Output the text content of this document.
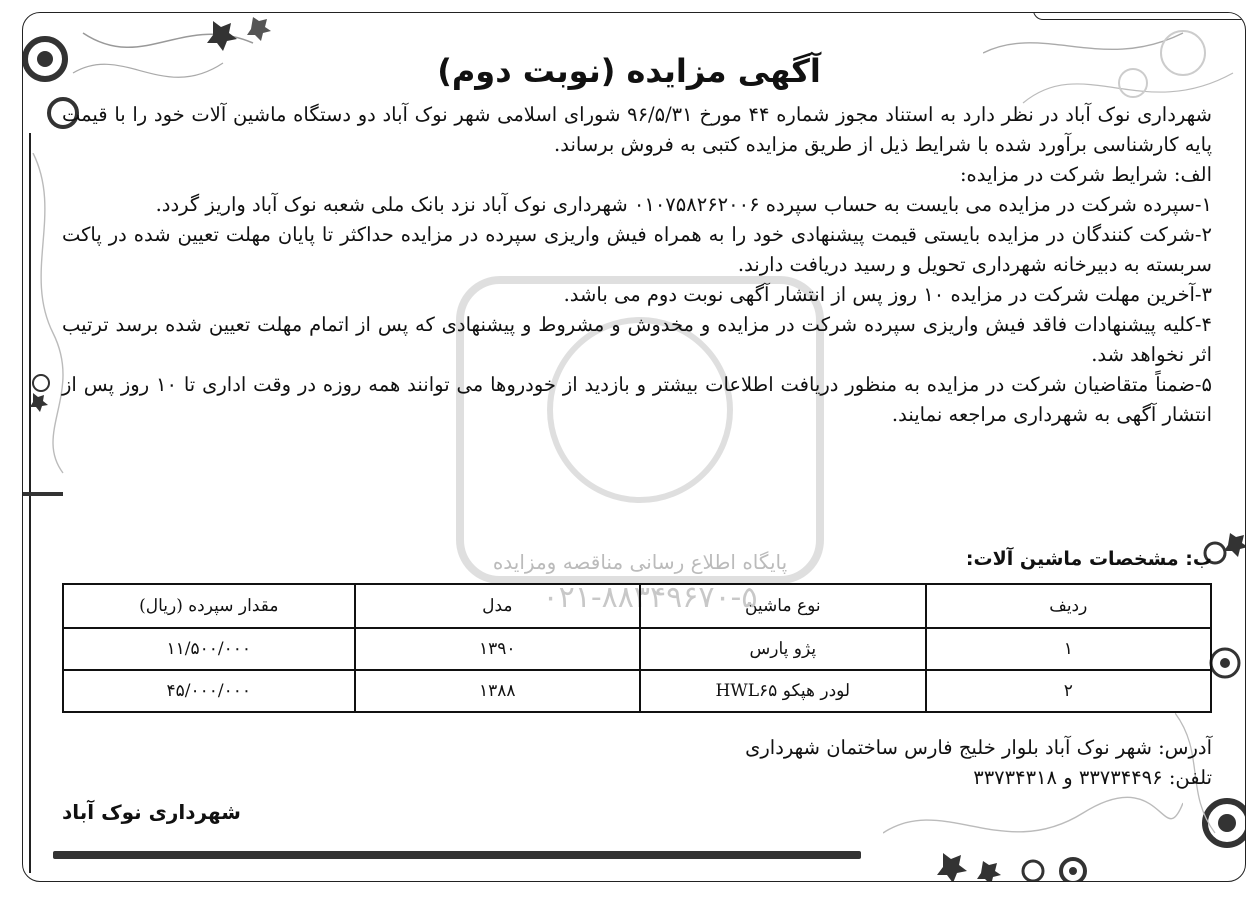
پایگاه اطلاع رسانی مناقصه ومزایده
۰۲۱-۸۸۳۴۹۶۷۰-۵
آگهی مزایده (نوبت دوم)

شهرداری نوک آباد در نظر دارد به استناد مجوز شماره ۴۴ مورخ ۹۶/۵/۳۱ شورای اسلامی شهر نوک آباد دو دستگاه ماشین آلات خود را با قیمت پایه کارشناسی برآورد شده با شرایط ذیل از طریق مزایده کتبی به فروش برساند.

الف: شرایط شرکت در مزایده:

۱-سپرده شرکت در مزایده می بایست به حساب سپرده ۰۱۰۷۵۸۲۶۲۰۰۶ شهرداری نوک آباد نزد بانک ملی شعبه نوک آباد واریز گردد.

۲-شرکت کنندگان در مزایده بایستی قیمت پیشنهادی خود را به همراه فیش واریزی سپرده در مزایده حداکثر تا پایان مهلت تعیین شده در پاکت سربسته به دبیرخانه شهرداری تحویل و رسید دریافت دارند.

۳-آخرین مهلت شرکت در مزایده ۱۰ روز پس از انتشار آگهی نوبت دوم می باشد.

۴-کلیه پیشنهادات فاقد فیش واریزی سپرده شرکت در مزایده و مخدوش و مشروط و پیشنهادی که پس از اتمام مهلت تعیین شده برسد ترتیب اثر نخواهد شد.

۵-ضمناً متقاضیان شرکت در مزایده به منظور دریافت اطلاعات بیشتر و بازدید از خودروها می توانند همه روزه در وقت اداری تا ۱۰ روز پس از انتشار آگهی به شهرداری مراجعه نمایند.

ب: مشخصات ماشین آلات:
ردیف	نوع ماشین	مدل	مقدار سپرده (ریال)
۱	پژو پارس	۱۳۹۰	۱۱/۵۰۰/۰۰۰
۲	لودر هپکو HWL۶۵	۱۳۸۸	۴۵/۰۰۰/۰۰۰
آدرس: شهر نوک آباد بلوار خلیج فارس ساختمان شهرداری
تلفن: ۳۳۷۳۴۴۹۶ و ۳۳۷۳۴۳۱۸
شهرداری نوک آباد
